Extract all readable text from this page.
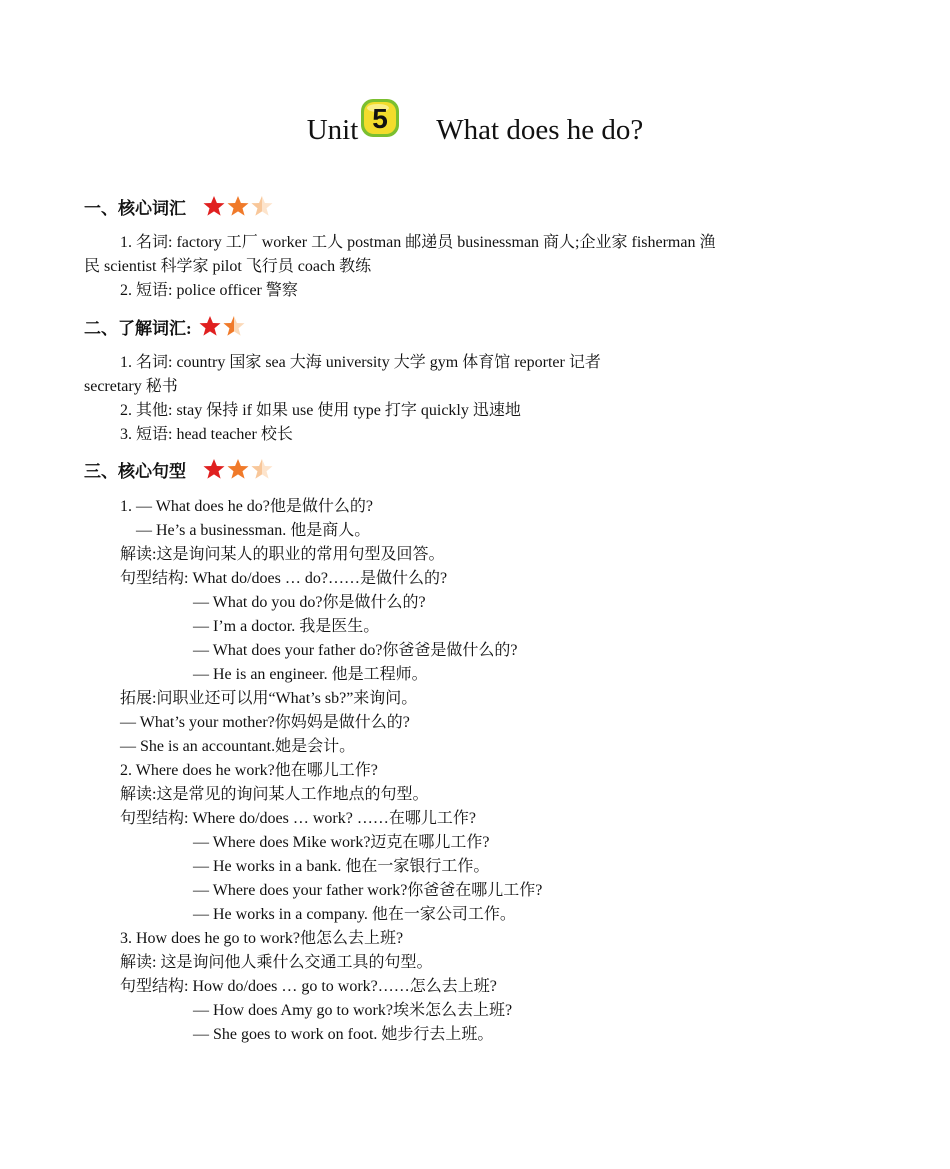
Unit 5 What does he do?
一、核心词汇
1. 名词: factory 工厂 worker 工人 postman 邮递员 businessman 商人;企业家 fisherman 渔
民 scientist 科学家 pilot 飞行员 coach 教练
2. 短语: police officer 警察
二、了解词汇:
1. 名词: country 国家 sea 大海 university 大学 gym 体育馆 reporter 记者
secretary 秘书
2. 其他: stay 保持 if 如果 use 使用 type 打字 quickly 迅速地
3. 短语: head teacher 校长
三、核心句型
1. — What does he do?他是做什么的?
— He’s a businessman. 他是商人。
解读:这是询问某人的职业的常用句型及回答。
句型结构: What do/does … do?……是做什么的?
— What do you do?你是做什么的?
— I’m a doctor. 我是医生。
— What does your father do?你爸爸是做什么的?
— He is an engineer. 他是工程师。
拓展:问职业还可以用“What’s sb?”来询问。
— What’s your mother?你妈妈是做什么的?
— She is an accountant.她是会计。
2. Where does he work?他在哪儿工作?
解读:这是常见的询问某人工作地点的句型。
句型结构: Where do/does … work? ……在哪儿工作?
— Where does Mike work?迈克在哪儿工作?
— He works in a bank. 他在一家银行工作。
— Where does your father work?你爸爸在哪儿工作?
— He works in a company. 他在一家公司工作。
3. How does he go to work?他怎么去上班?
解读: 这是询问他人乘什么交通工具的句型。
句型结构: How do/does … go to work?……怎么去上班?
— How does Amy go to work?埃米怎么去上班?
— She goes to work on foot. 她步行去上班。
